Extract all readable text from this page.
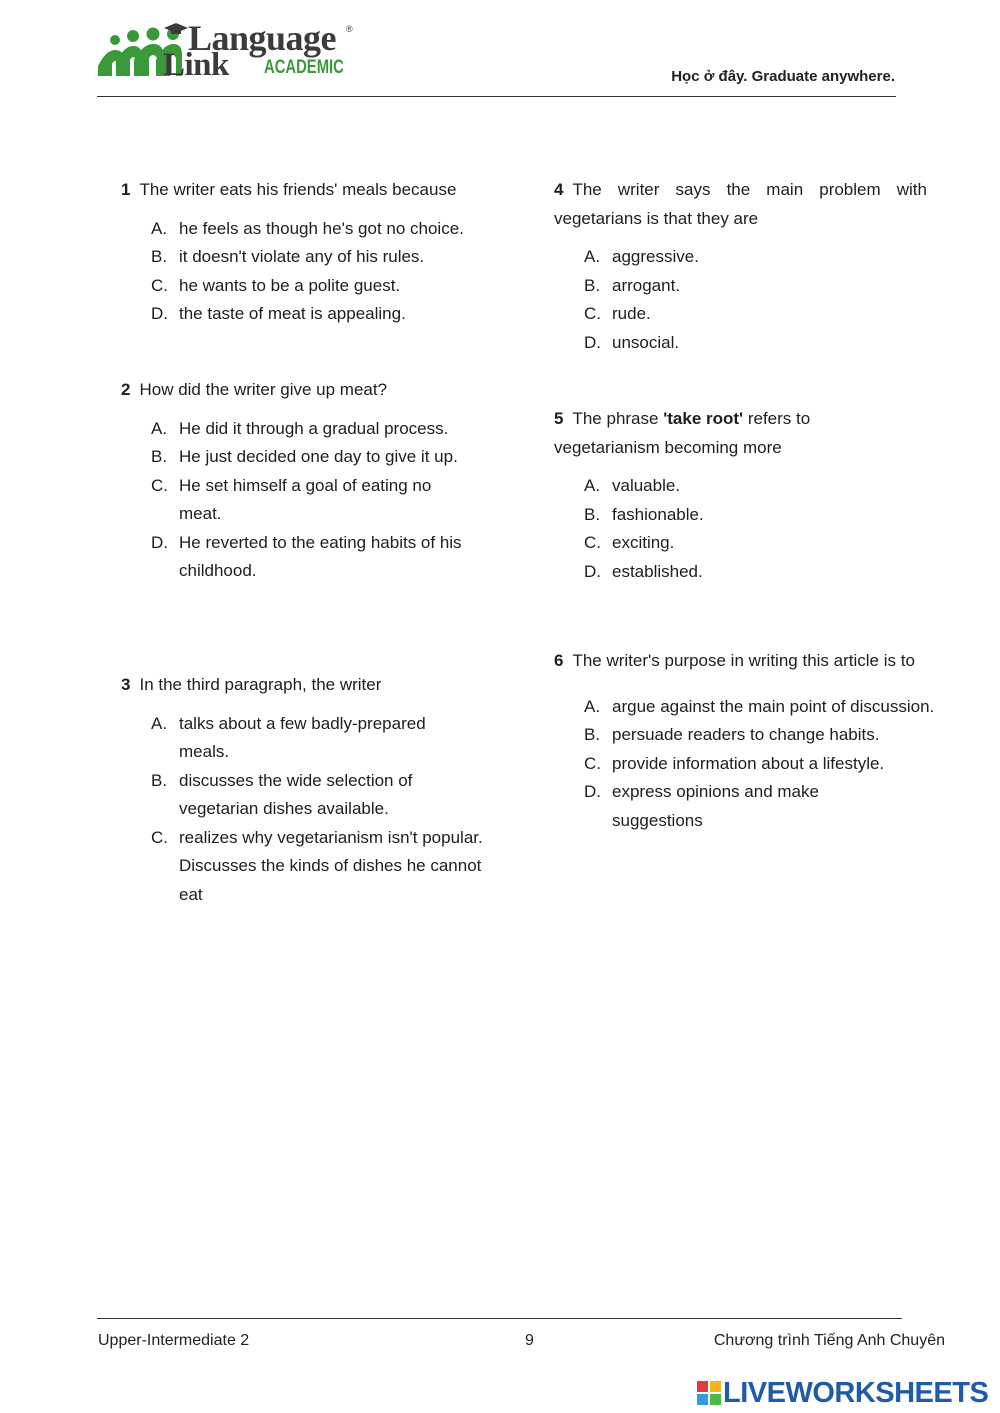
Language ®
Link ACADEMIC	Học ở đây. Graduate anywhere.
1 The writer eats his friends' meals because
A. he feels as though he's got no choice.
B. it doesn't violate any of his rules.
C. he wants to be a polite guest.
D. the taste of meat is appealing.
2 How did the writer give up meat?
A. He did it through a gradual process.
B. He just decided one day to give it up.
C. He set himself a goal of eating no meat.
D. He reverted to the eating habits of his childhood.
3 In the third paragraph, the writer
A. talks about a few badly-prepared meals.
B. discusses the wide selection of vegetarian dishes available.
C. realizes why vegetarianism isn't popular. Discusses the kinds of dishes he cannot eat
4 The writer says the main problem with vegetarians is that they are
A. aggressive.
B. arrogant.
C. rude.
D. unsocial.
5 The phrase 'take root' refers to vegetarianism becoming more
A. valuable.
B. fashionable.
C. exciting.
D. established.
6 The writer's purpose in writing this article is to
A. argue against the main point of discussion.
B. persuade readers to change habits.
C. provide information about a lifestyle.
D. express opinions and make suggestions
Upper-Intermediate 2	9	Chương trình Tiếng Anh Chuyên
LIVEWORKSHEETS
